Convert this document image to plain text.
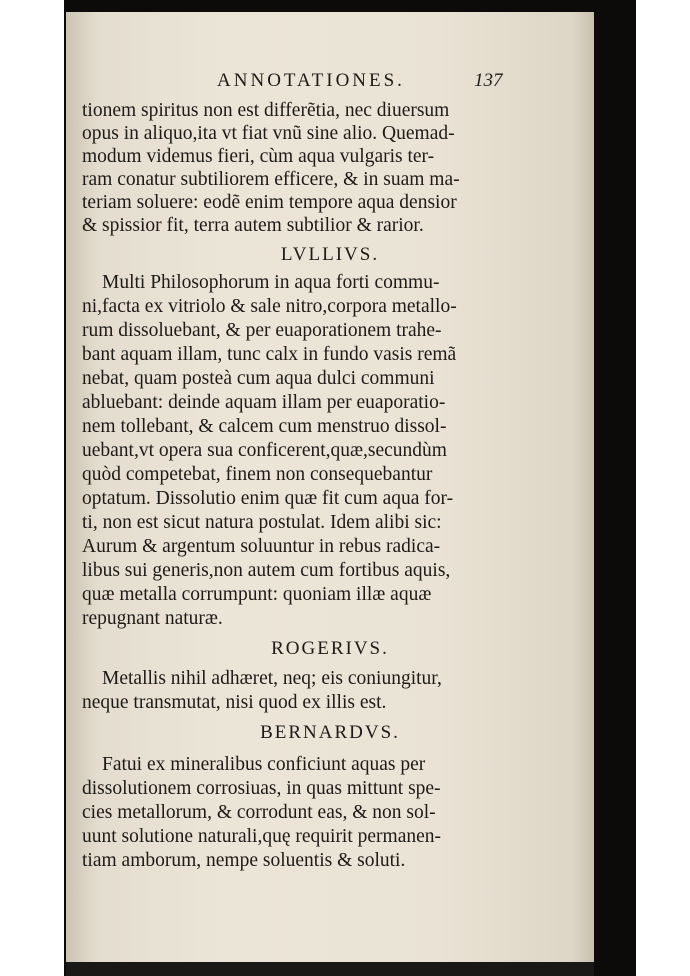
ANNOTATIONES.	137
tionem spiritus non est differẽtia, nec diuersum
opus in aliquo,ita vt fiat vnũ sine alio. Quemad-
modum videmus fieri, cùm aqua vulgaris ter-
ram conatur subtiliorem efficere, & in suam ma-
teriam soluere: eodẽ enim tempore aqua densior
& spissior fit, terra autem subtilior & rarior.
LVLLIVS.
Multi Philosophorum in aqua forti commu-
ni,facta ex vitriolo & sale nitro,corpora metallo-
rum dissoluebant, & per euaporationem trahe-
bant aquam illam, tunc calx in fundo vasis remã
nebat, quam posteà cum aqua dulci communi
abluebant: deinde aquam illam per euaporatio-
nem tollebant, & calcem cum menstruo dissol-
uebant,vt opera sua conficerent,quæ,secundùm
quòd competebat, finem non consequebantur
optatum. Dissolutio enim quæ fit cum aqua for-
ti, non est sicut natura postulat. Idem alibi sic:
Aurum & argentum soluuntur in rebus radica-
libus sui generis,non autem cum fortibus aquis,
quæ metalla corrumpunt: quoniam illæ aquæ
repugnant naturæ.
ROGERIVS.
Metallis nihil adhæret, neq; eis coniungitur,
neque transmutat, nisi quod ex illis est.
BERNARDVS.
Fatui ex mineralibus conficiunt aquas per
dissolutionem corrosiuas, in quas mittunt spe-
cies metallorum, & corrodunt eas, & non sol-
uunt solutione naturali,quę requirit permanen-
tiam amborum, nempe soluentis & soluti.
